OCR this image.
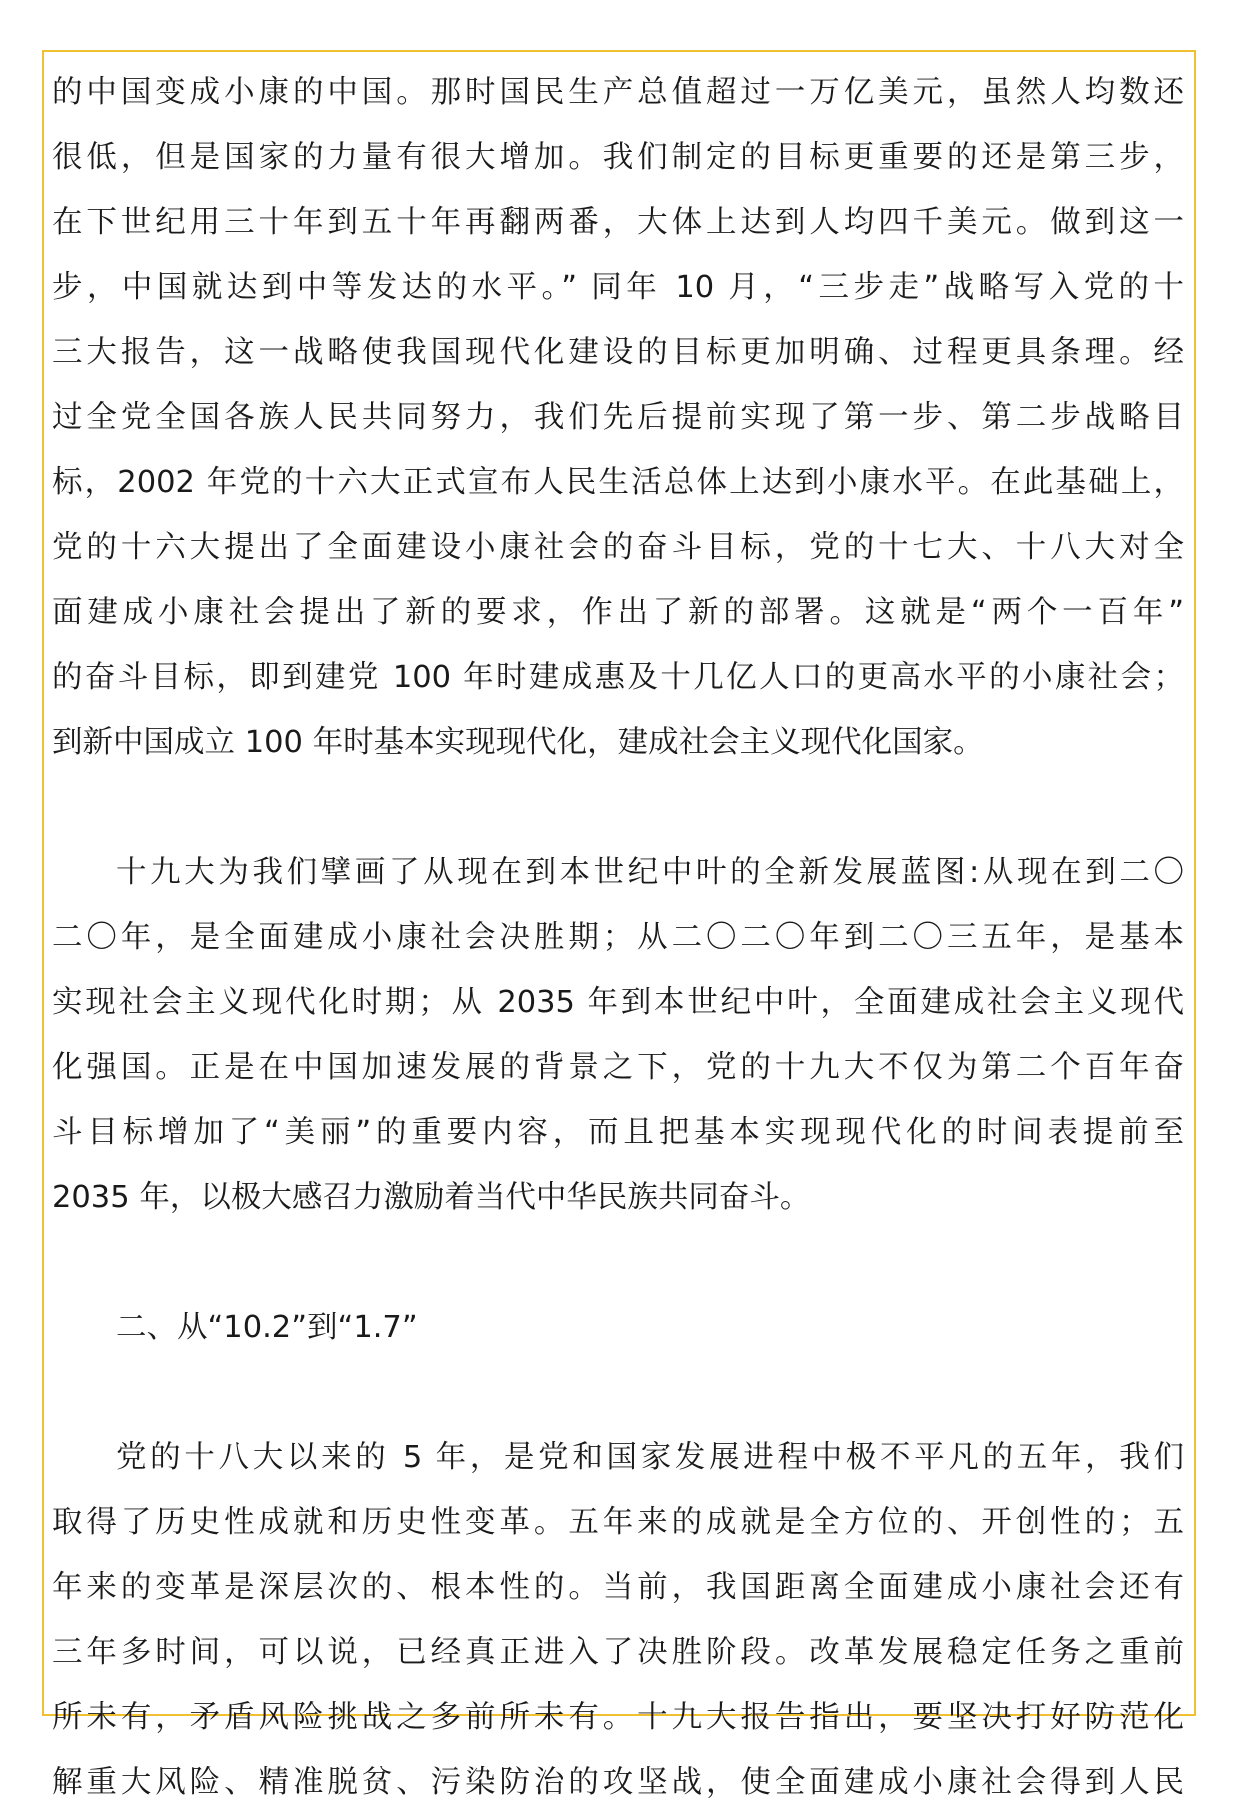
的中国变成小康的中国。那时国民生产总值超过一万亿美元，虽然人均数还
很低，但是国家的力量有很大增加。我们制定的目标更重要的还是第三步，
在下世纪用三十年到五十年再翻两番，大体上达到人均四千美元。做到这一
步，中国就达到中等发达的水平。” 同年 10 月，“三步走”战略写入党的十
三大报告，这一战略使我国现代化建设的目标更加明确、过程更具条理。经
过全党全国各族人民共同努力，我们先后提前实现了第一步、第二步战略目
标，2002 年党的十六大正式宣布人民生活总体上达到小康水平。在此基础上，
党的十六大提出了全面建设小康社会的奋斗目标，党的十七大、十八大对全
面建成小康社会提出了新的要求，作出了新的部署。这就是“两个一百年”
的奋斗目标，即到建党 100 年时建成惠及十几亿人口的更高水平的小康社会；
到新中国成立 100 年时基本实现现代化，建成社会主义现代化国家。
十九大为我们擘画了从现在到本世纪中叶的全新发展蓝图:从现在到二〇
二〇年，是全面建成小康社会决胜期；从二〇二〇年到二〇三五年，是基本
实现社会主义现代化时期；从 2035 年到本世纪中叶，全面建成社会主义现代
化强国。正是在中国加速发展的背景之下，党的十九大不仅为第二个百年奋
斗目标增加了“美丽”的重要内容，而且把基本实现现代化的时间表提前至
2035 年，以极大感召力激励着当代中华民族共同奋斗。
二、从“10.2”到“1.7”
党的十八大以来的 5 年，是党和国家发展进程中极不平凡的五年，我们
取得了历史性成就和历史性变革。五年来的成就是全方位的、开创性的；五
年来的变革是深层次的、根本性的。当前，我国距离全面建成小康社会还有
三年多时间，可以说，已经真正进入了决胜阶段。改革发展稳定任务之重前
所未有，矛盾风险挑战之多前所未有。十九大报告指出，要坚决打好防范化
解重大风险、精准脱贫、污染防治的攻坚战，使全面建成小康社会得到人民
